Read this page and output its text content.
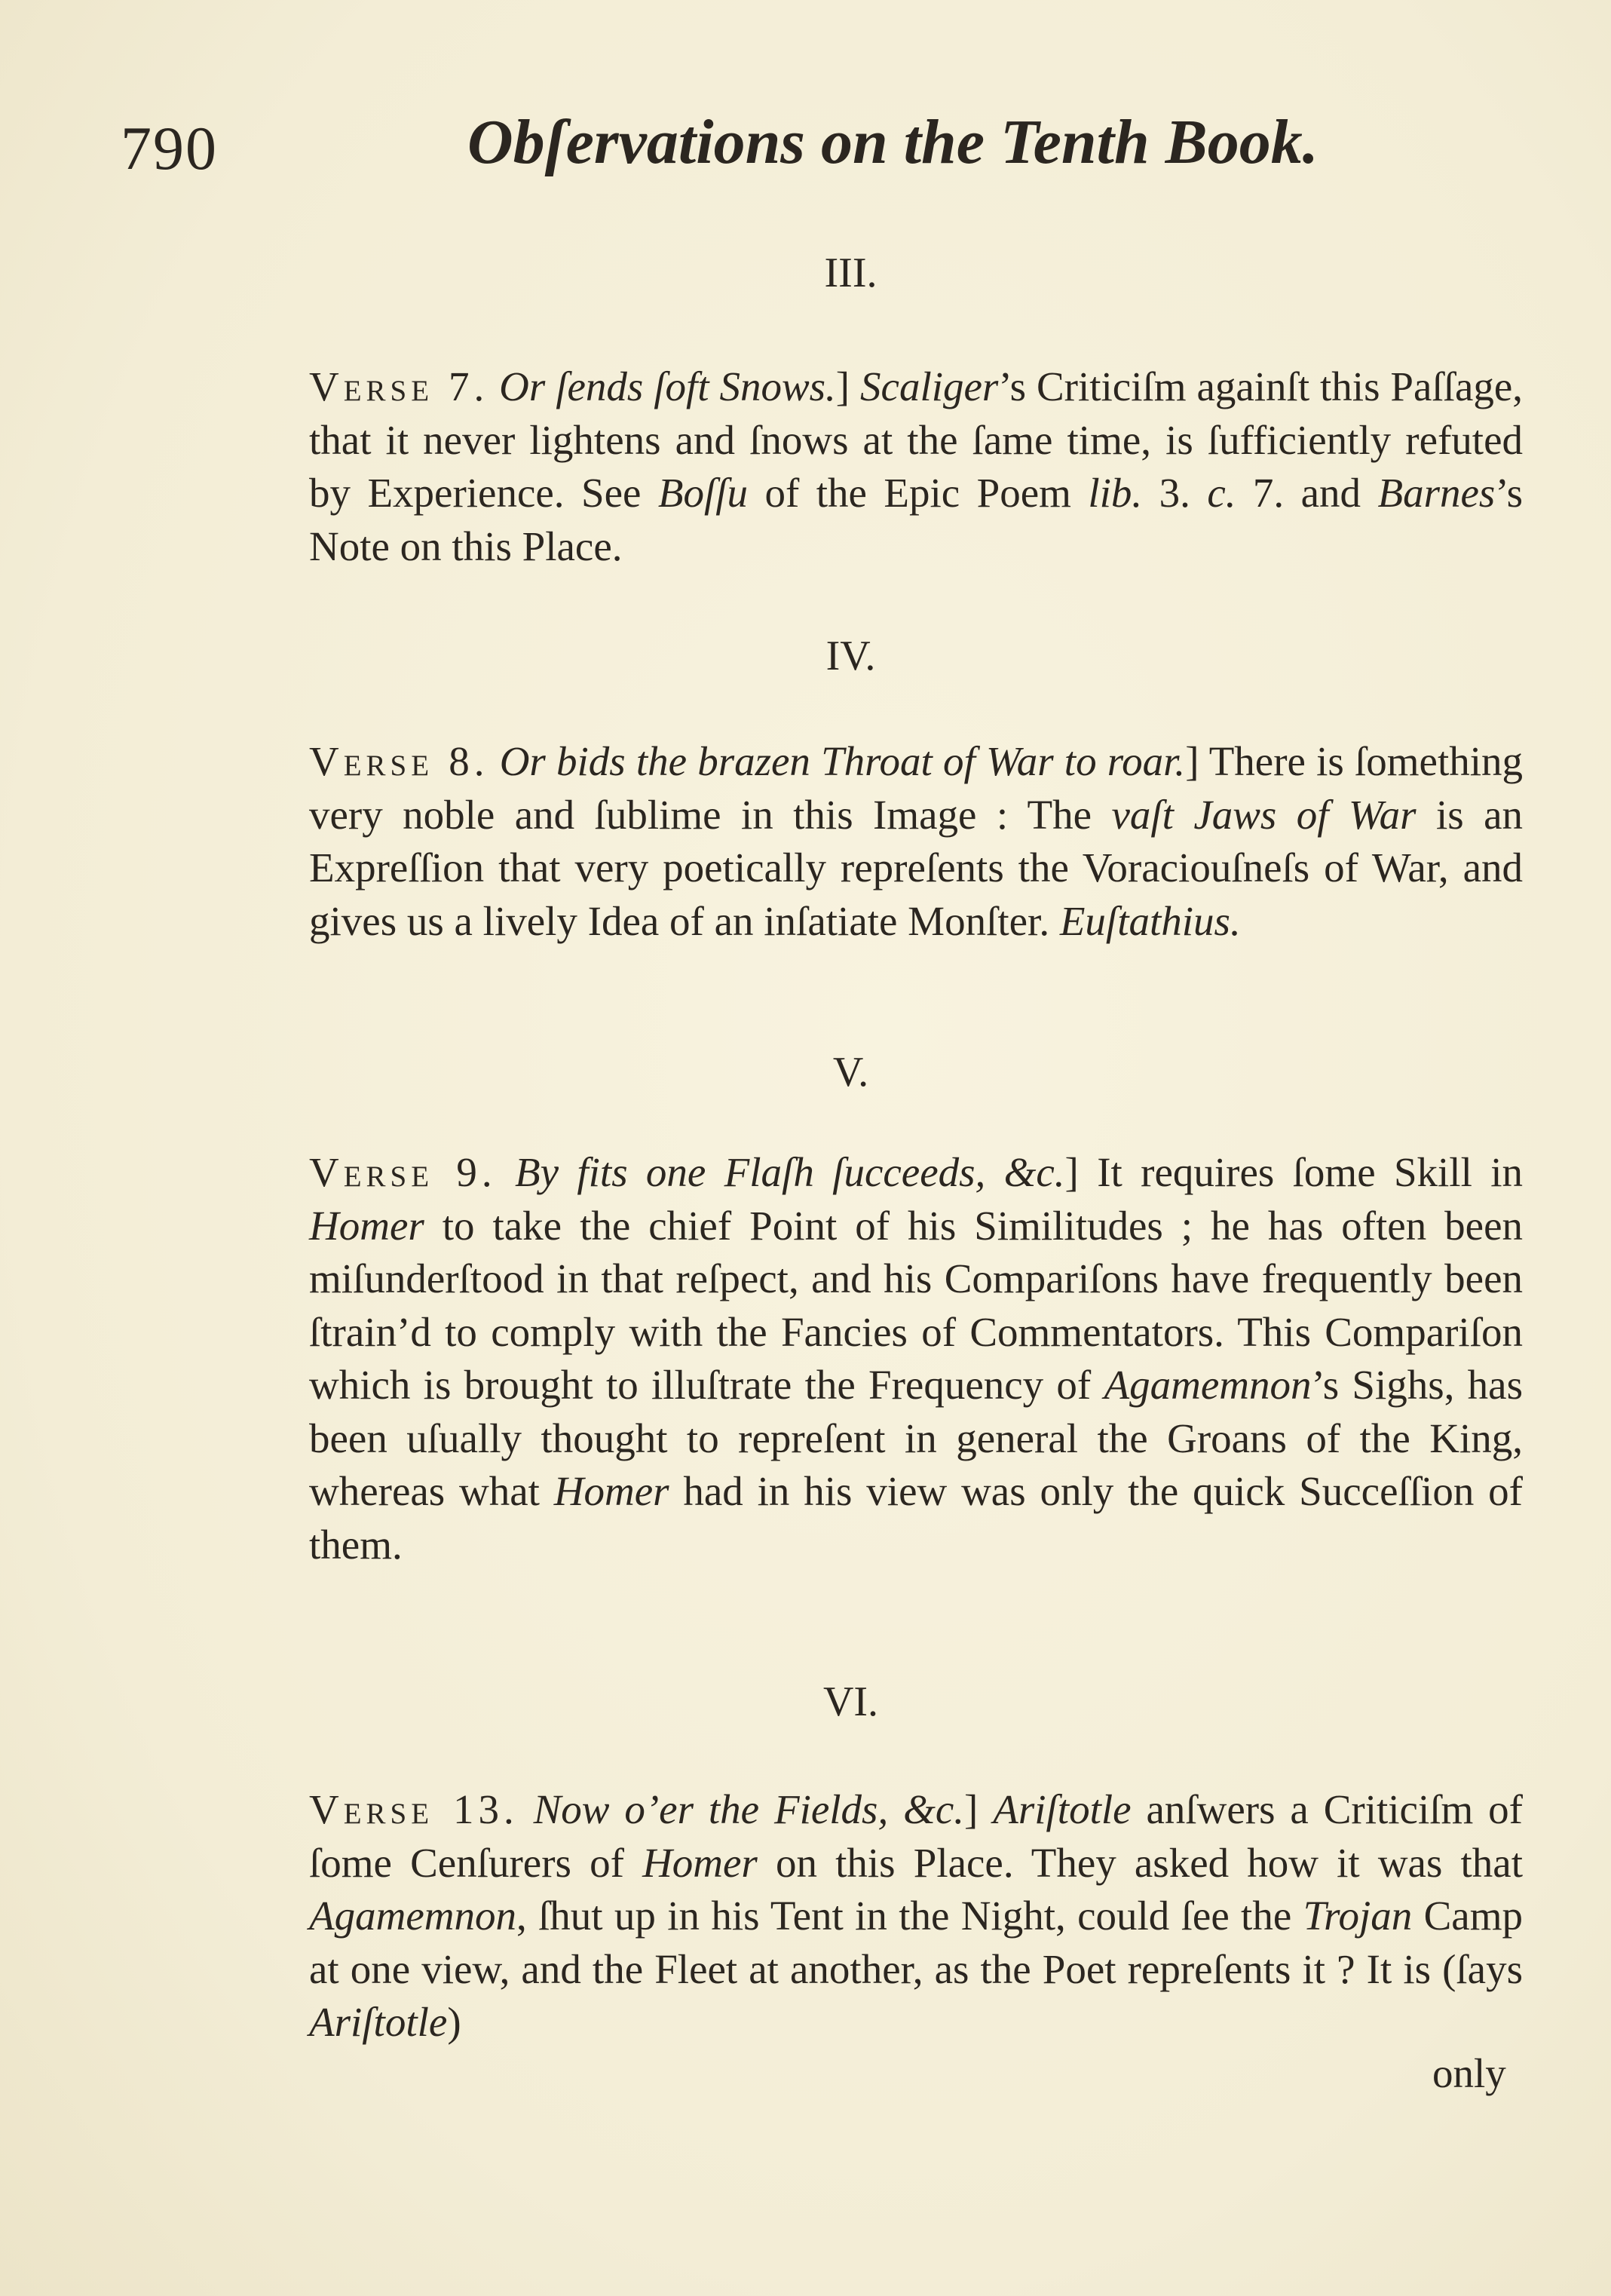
790	Obſervations on the Tenth Book.
III.

Verse 7. Or ſends ſoft Snows.] Scaliger’s Criticiſm againſt this Paſſage, that it never lightens and ſnows at the ſame time, is ſufficiently refuted by Experience. See Boſſu of the Epic Poem lib. 3. c. 7. and Barnes’s Note on this Place.

IV.

Verse 8. Or bids the brazen Throat of War to roar.] There is ſomething very noble and ſublime in this Image : The vaſt Jaws of War is an Expreſſion that very poetically repreſents the Voraciouſneſs of War, and gives us a lively Idea of an inſatiate Monſter. Euſtathius.

V.

Verse 9. By fits one Flaſh ſucceeds, &c.] It requires ſome Skill in Homer to take the chief Point of his Similitudes ; he has often been miſunderſtood in that reſpect, and his Compariſons have frequently been ſtrain’d to comply with the Fancies of Commentators. This Compariſon which is brought to illuſtrate the Frequency of Agamemnon’s Sighs, has been uſually thought to repreſent in general the Groans of the King, whereas what Homer had in his view was only the quick Succeſſion of them.

VI.

Verse 13. Now o’er the Fields, &c.] Ariſtotle anſwers a Criticiſm of ſome Cenſurers of Homer on this Place. They asked how it was that Agamemnon, ſhut up in his Tent in the Night, could ſee the Trojan Camp at one view, and the Fleet at another, as the Poet repreſents it ? It is (ſays Ariſtotle)

only
